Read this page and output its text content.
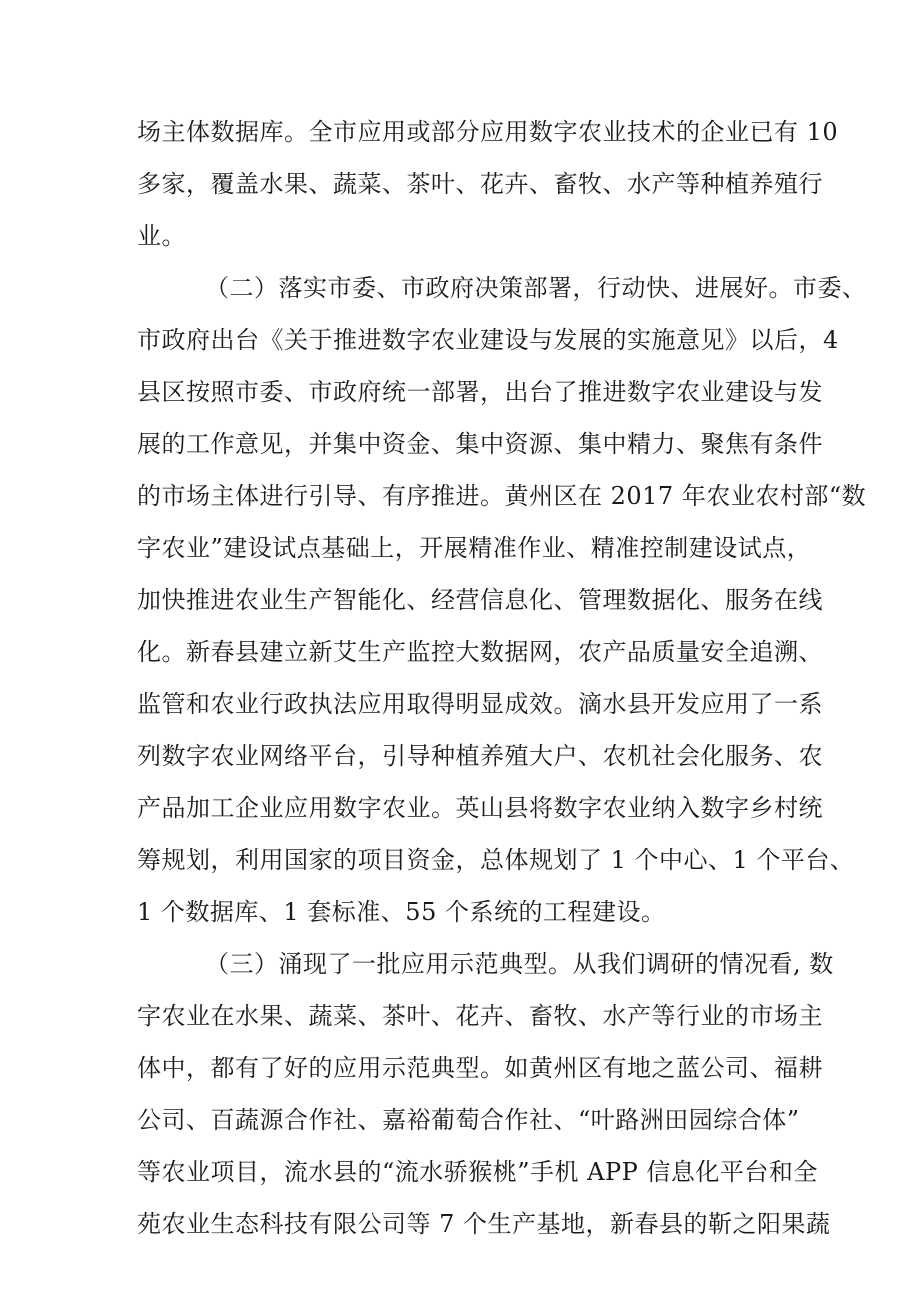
场主体数据库。全市应用或部分应用数字农业技术的企业已有 10
多家，覆盖水果、蔬菜、茶叶、花卉、畜牧、水产等种植养殖行
业。
（二）落实市委、市政府决策部署，行动快、进展好。市委、
市政府出台《关于推进数字农业建设与发展的实施意见》以后，4
县区按照市委、市政府统一部署，出台了推进数字农业建设与发
展的工作意见，并集中资金、集中资源、集中精力、聚焦有条件
的市场主体进行引导、有序推进。黄州区在 2017 年农业农村部“数
字农业”建设试点基础上，开展精准作业、精准控制建设试点，
加快推进农业生产智能化、经营信息化、管理数据化、服务在线
化。新春县建立新艾生产监控大数据网，农产品质量安全追溯、
监管和农业行政执法应用取得明显成效。滴水县开发应用了一系
列数字农业网络平台，引导种植养殖大户、农机社会化服务、农
产品加工企业应用数字农业。英山县将数字农业纳入数字乡村统
筹规划，利用国家的项目资金，总体规划了 1 个中心、1 个平台、
1 个数据库、1 套标准、55 个系统的工程建设。
（三）涌现了一批应用示范典型。从我们调研的情况看, 数
字农业在水果、蔬菜、茶叶、花卉、畜牧、水产等行业的市场主
体中，都有了好的应用示范典型。如黄州区有地之蓝公司、福耕
公司、百蔬源合作社、嘉裕葡萄合作社、“叶路洲田园综合体”
等农业项目，流水县的“流水骄猴桃”手机 APP 信息化平台和全
苑农业生态科技有限公司等 7 个生产基地，新春县的靳之阳果蔬
